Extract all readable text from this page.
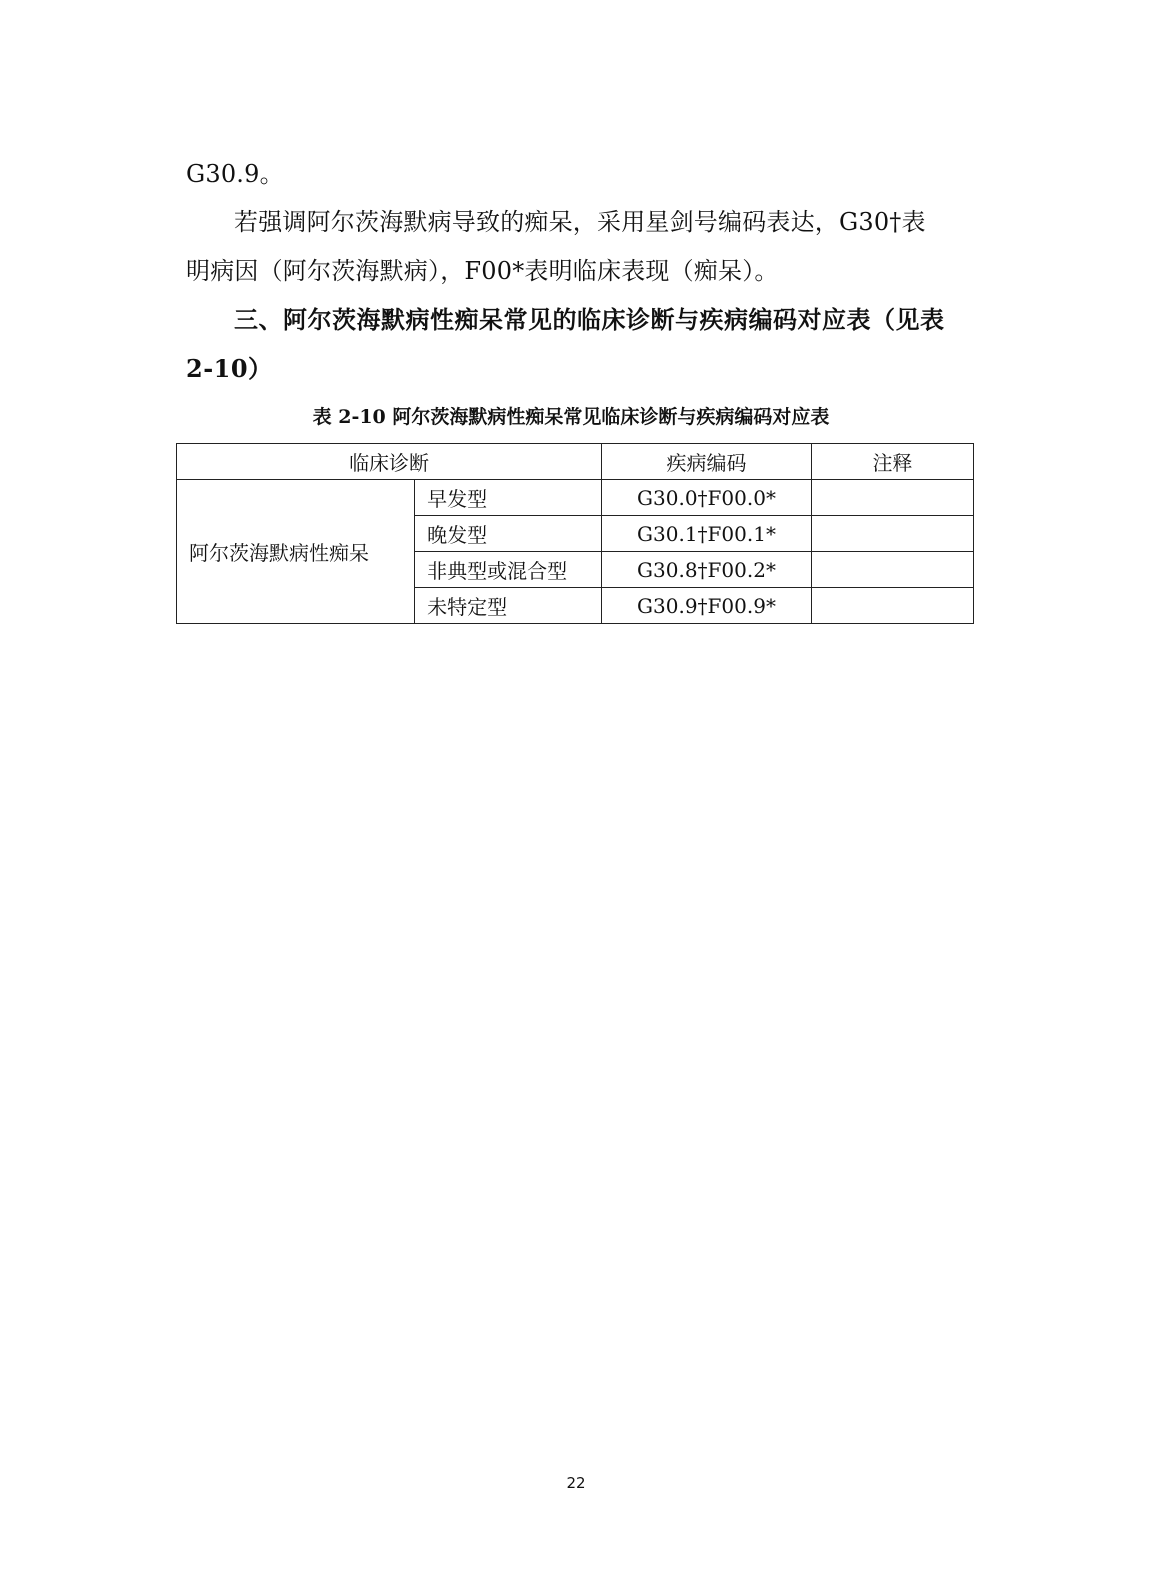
G30.9。
若强调阿尔茨海默病导致的痴呆，采用星剑号编码表达，G30†表
明病因（阿尔茨海默病），F00*表明临床表现（痴呆）。
三、阿尔茨海默病性痴呆常见的临床诊断与疾病编码对应表（见表
2-10）
表 2-10 阿尔茨海默病性痴呆常见临床诊断与疾病编码对应表
临床诊断		疾病编码	注释
阿尔茨海默病性痴呆	早发型	G30.0†F00.0*	
	晚发型	G30.1†F00.1*	
	非典型或混合型	G30.8†F00.2*	
	未特定型	G30.9†F00.9*	
22
